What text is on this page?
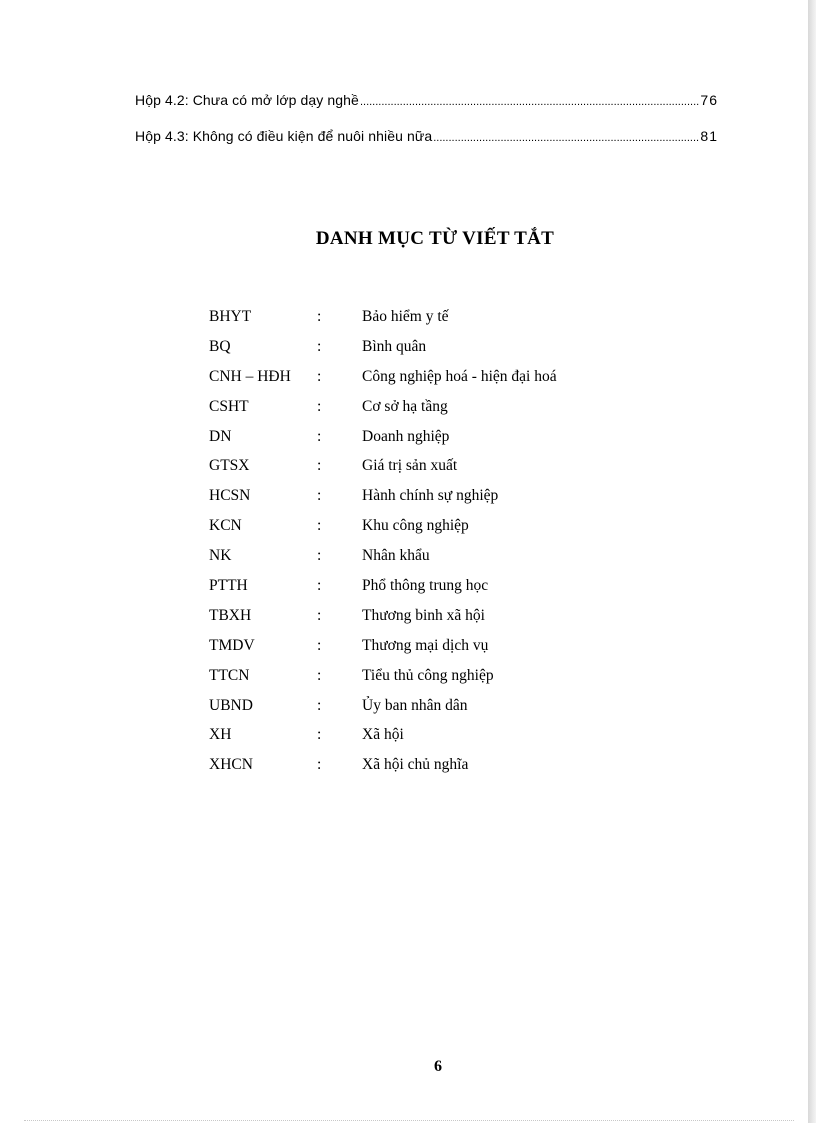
Hộp 4.2: Chưa có mở lớp dạy nghề .....	76
Hộp 4.3: Không có điều kiện để nuôi nhiều nữa .....	81
DANH MỤC TỪ VIẾT TẮT
BHYT	:	Bảo hiểm y tế
BQ	:	Bình quân
CNH – HĐH	:	Công nghiệp hoá - hiện đại hoá
CSHT	:	Cơ sở hạ tầng
DN	:	Doanh nghiệp
GTSX	:	Giá trị sản xuất
HCSN	:	Hành chính sự nghiệp
KCN	:	Khu công nghiệp
NK	:	Nhân khẩu
PTTH	:	Phổ thông trung học
TBXH	:	Thương binh xã hội
TMDV	:	Thương mại dịch vụ
TTCN	:	Tiểu thủ công nghiệp
UBND	:	Ủy ban nhân dân
XH	:	Xã hội
XHCN	:	Xã hội chủ nghĩa
6
